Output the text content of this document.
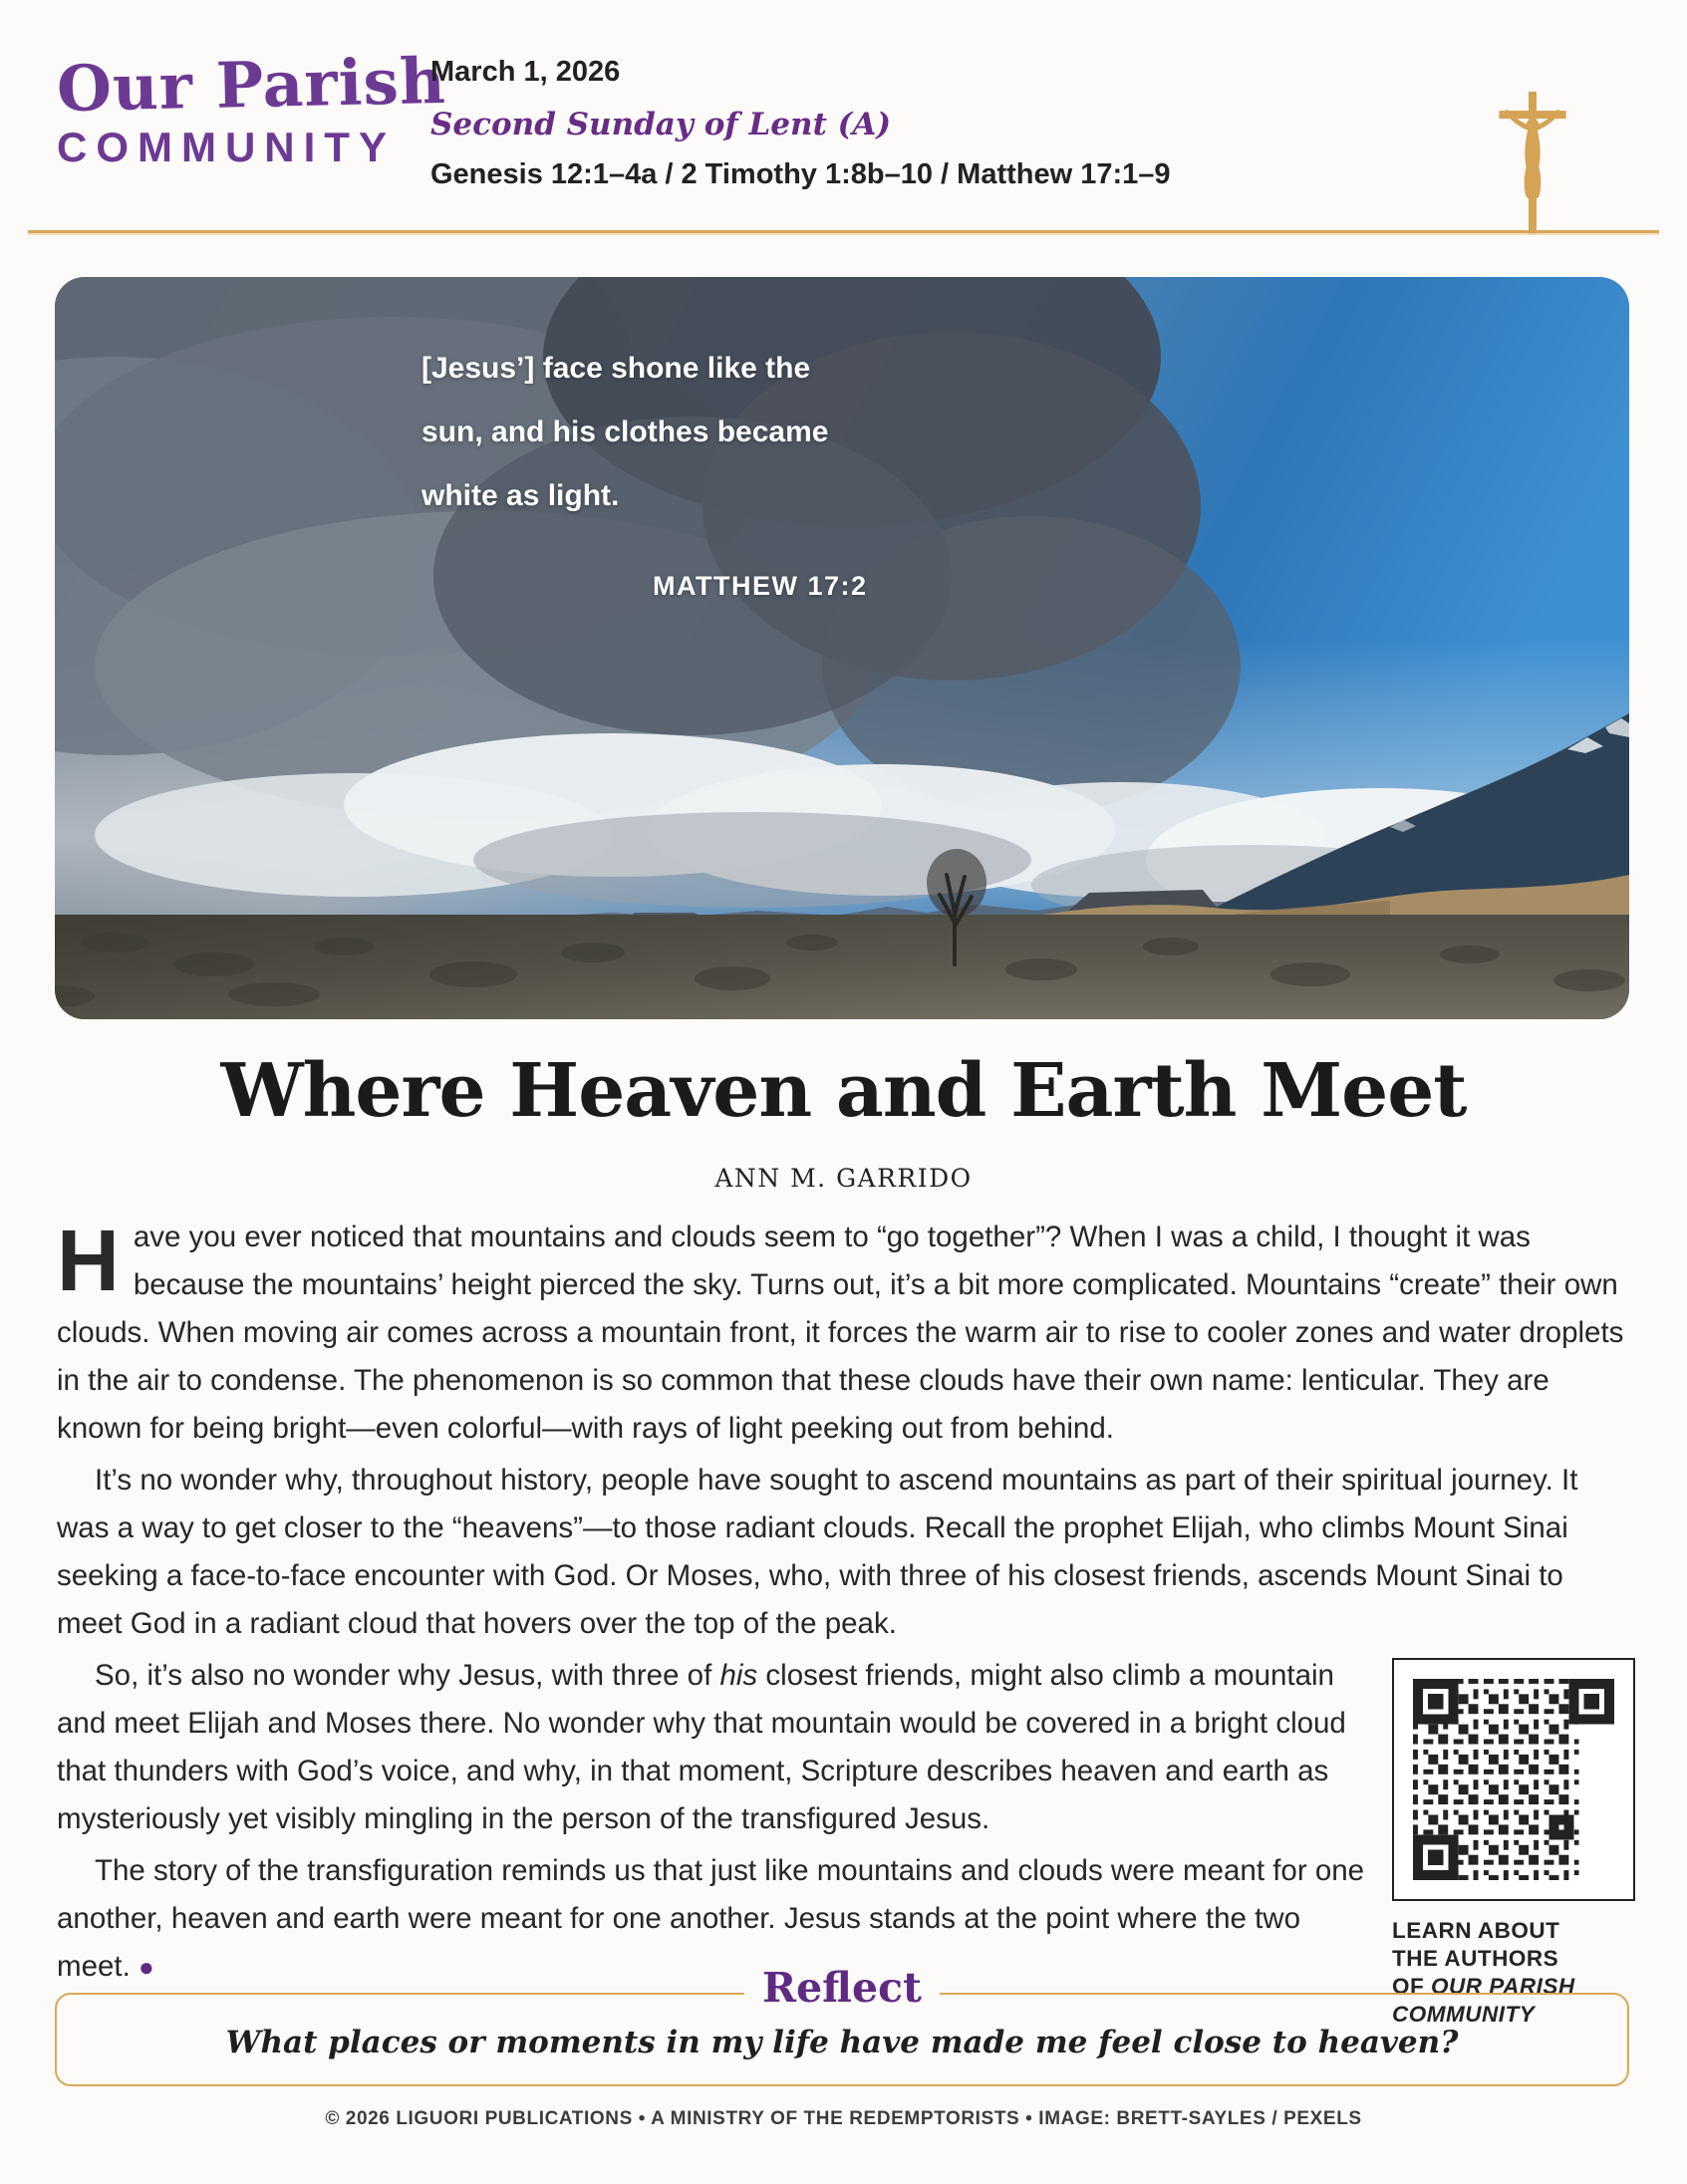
Our Parish
COMMUNITY
March 1, 2026
Second Sunday of Lent (A)
Genesis 12:1–4a / 2 Timothy 1:8b–10 / Matthew 17:1–9
[Jesus’] face shone like the
sun, and his clothes became
white as light.
MATTHEW 17:2
Where Heaven and Earth Meet
ANN M. GARRIDO

Have you ever noticed that mountains and clouds seem to “go together”? When I was a child, I thought it was because the mountains’ height pierced the sky. Turns out, it’s a bit more complicated. Mountains “create” their own clouds. When moving air comes across a mountain front, it forces the warm air to rise to cooler zones and water droplets in the air to condense. The phenomenon is so common that these clouds have their own name: lenticular. They are known for being bright—even colorful—with rays of light peeking out from behind.

It’s no wonder why, throughout history, people have sought to ascend mountains as part of their spiritual journey. It was a way to get closer to the “heavens”—to those radiant clouds. Recall the prophet Elijah, who climbs Mount Sinai seeking a face-to-face encounter with God. Or Moses, who, with three of his closest friends, ascends Mount Sinai to meet God in a radiant cloud that hovers over the top of the peak.

LEARN ABOUT
THE AUTHORS
OF OUR PARISH
COMMUNITY

So, it’s also no wonder why Jesus, with three of his closest friends, might also climb a mountain and meet Elijah and Moses there. No wonder why that mountain would be covered in a bright cloud that thunders with God’s voice, and why, in that moment, Scripture describes heaven and earth as mysteriously yet visibly mingling in the person of the transfigured Jesus.

The story of the transfiguration reminds us that just like mountains and clouds were meant for one another, heaven and earth were meant for one another. Jesus stands at the point where the two meet. ●	Reflect
What places or moments in my life have made me feel close to heaven?
© 2026 LIGUORI PUBLICATIONS • A MINISTRY OF THE REDEMPTORISTS • IMAGE: BRETT-SAYLES / PEXELS
